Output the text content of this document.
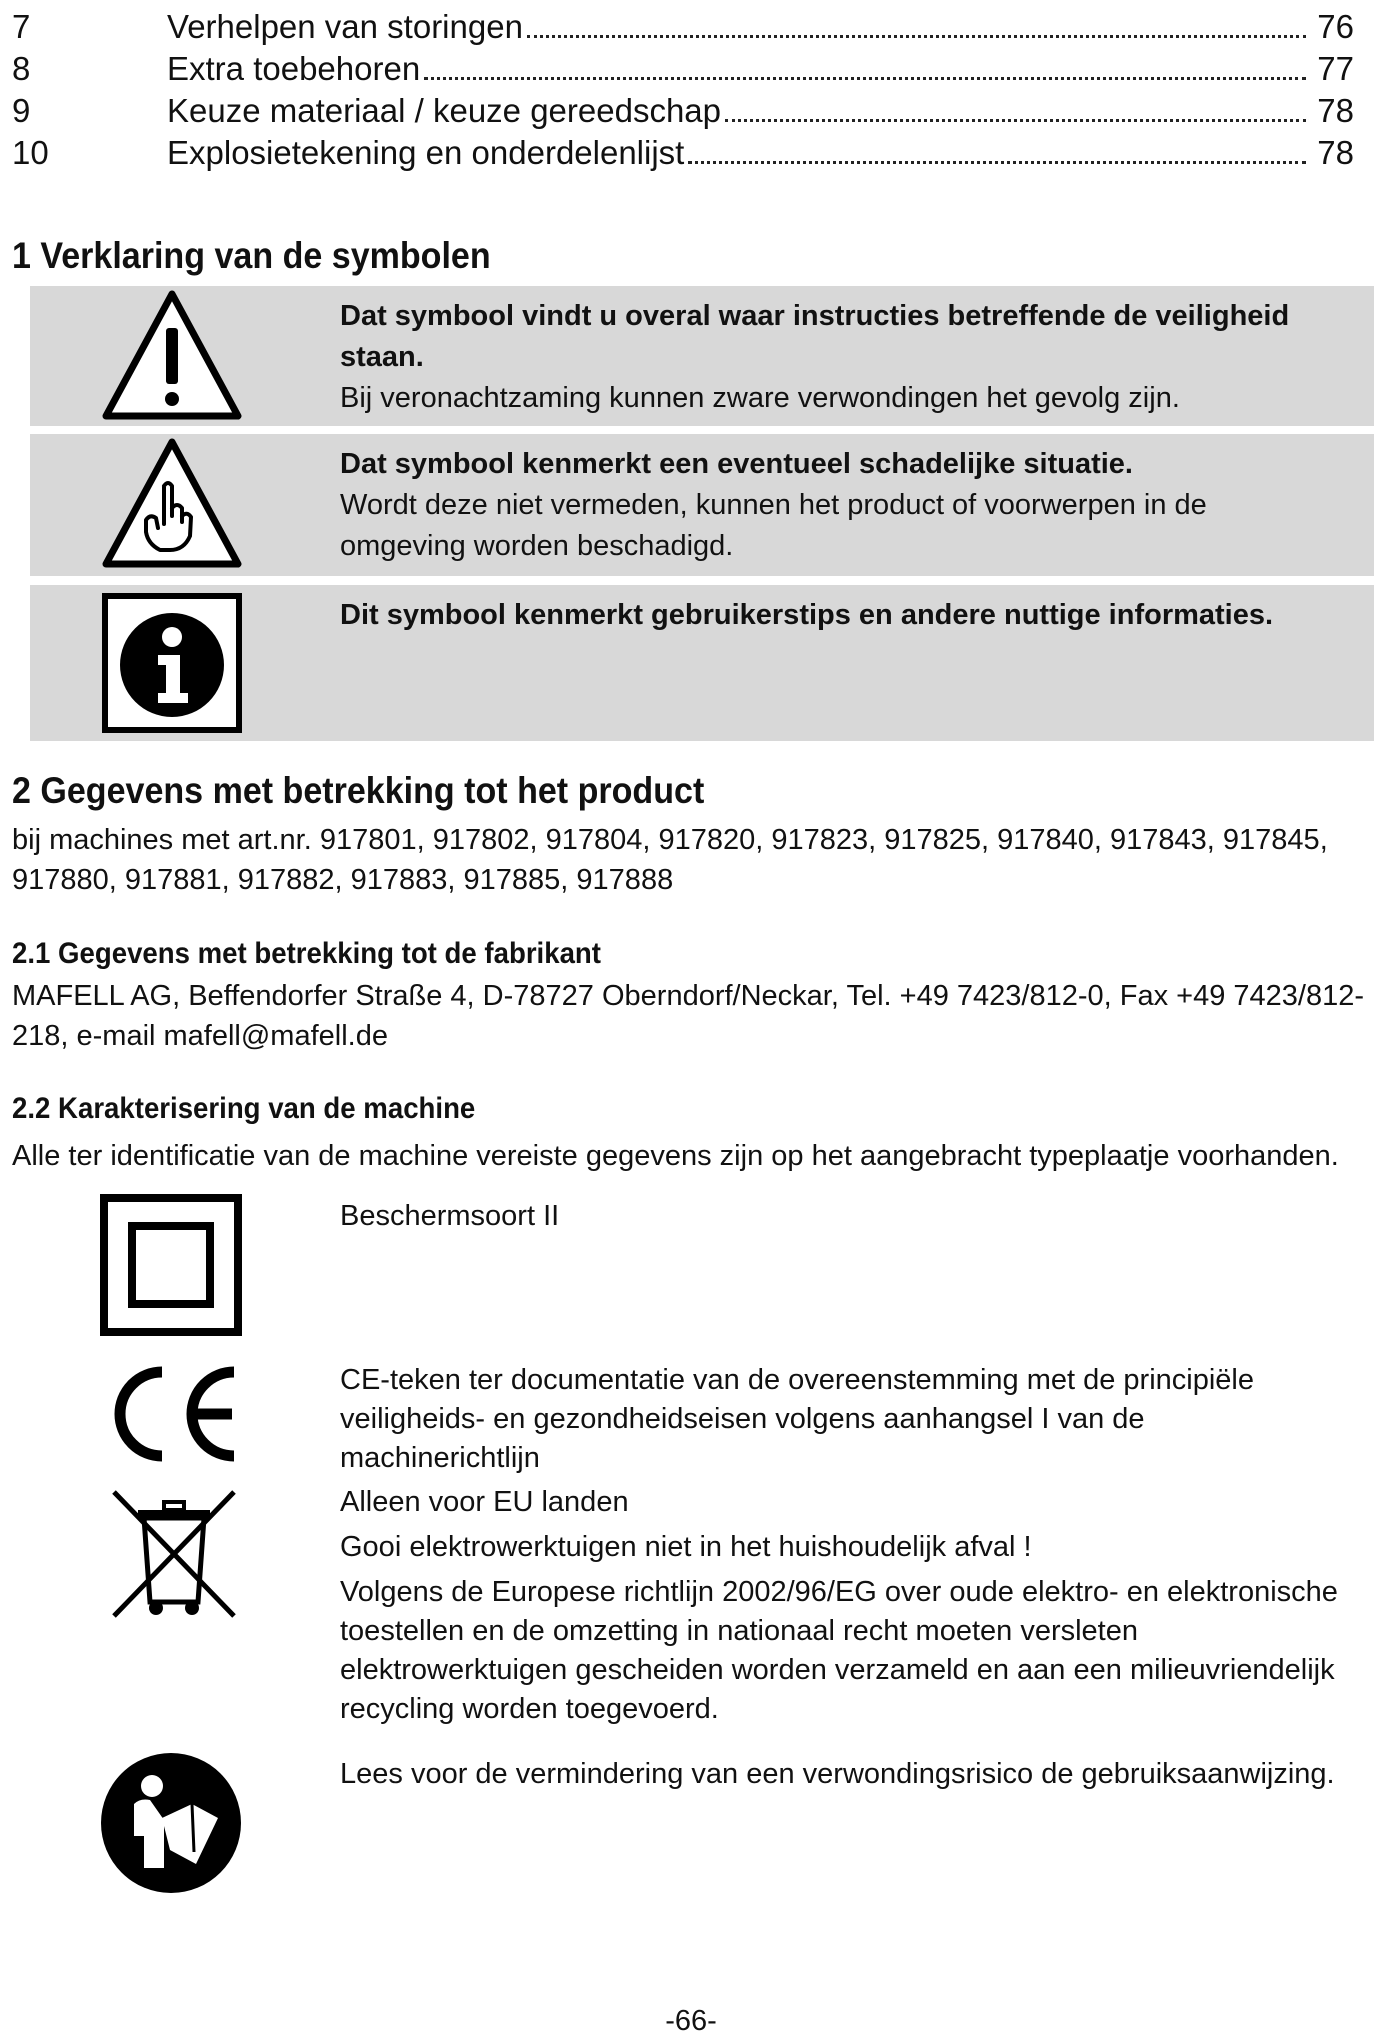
7	Verhelpen van storingen	76
8	Extra toebehoren	77
9	Keuze materiaal / keuze gereedschap	78
10	Explosietekening en onderdelenlijst	78
1 Verklaring van de symbolen
Dat symbool vindt u overal waar instructies betreffende de veiligheid staan.
Bij veronachtzaming kunnen zware verwondingen het gevolg zijn.
Dat symbool kenmerkt een eventueel schadelijke situatie.
Wordt deze niet vermeden, kunnen het product of voorwerpen in de omgeving worden beschadigd.
Dit symbool kenmerkt gebruikerstips en andere nuttige informaties.
2 Gegevens met betrekking tot het product
bij machines met art.nr. 917801, 917802, 917804, 917820, 917823, 917825, 917840, 917843, 917845, 917880, 917881, 917882, 917883, 917885, 917888
2.1 Gegevens met betrekking tot de fabrikant
MAFELL AG, Beffendorfer Straße 4, D-78727 Oberndorf/Neckar, Tel. +49 7423/812-0, Fax +49 7423/812-218, e-mail mafell@mafell.de
2.2 Karakterisering van de machine
Alle ter identificatie van de machine vereiste gegevens zijn op het aangebracht typeplaatje voorhanden.
Beschermsoort II
CE-teken ter documentatie van de overeenstemming met de principiële veiligheids- en gezondheidseisen volgens aanhangsel I van de machinerichtlijn

Alleen voor EU landen

Gooi elektrowerktuigen niet in het huishoudelijk afval !

Volgens de Europese richtlijn 2002/96/EG over oude elektro- en elektronische toestellen en de omzetting in nationaal recht moeten versleten elektrowerktuigen gescheiden worden verzameld en aan een milieuvriendelijk recycling worden toegevoerd.

Lees voor de vermindering van een verwondingsrisico de gebruiksaanwijzing.
-66-
